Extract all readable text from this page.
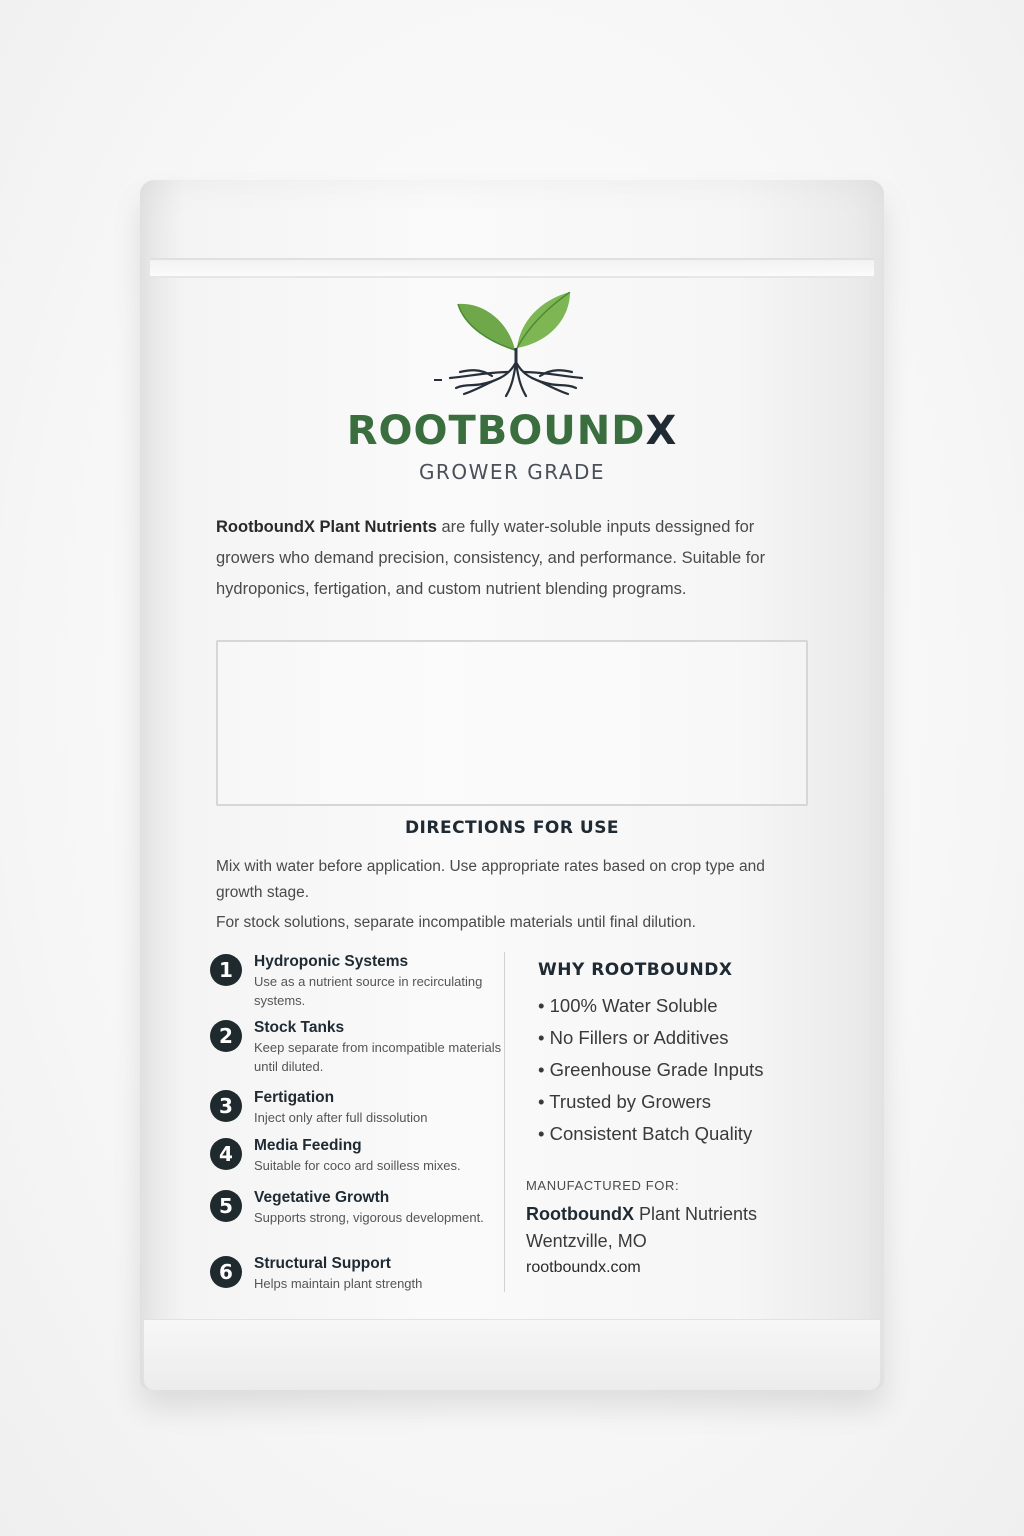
ROOTBOUNDX
GROWER GRADE
RootboundX Plant Nutrients are fully water-soluble inputs dessigned for growers who demand precision, consistency, and performance. Suitable for hydroponics, fertigation, and custom nutrient blending programs.
DIRECTIONS FOR USE

Mix with water before application. Use appropriate rates based on crop type and growth stage.

For stock solutions, separate incompatible materials until final dilution.

1	Hydroponic Systems
Use as a nutrient source in recirculating systems.
2	Stock Tanks
Keep separate from incompatible materials until diluted.
3	Fertigation
Inject only after full dissolution
4	Media Feeding
Suitable for coco ard soilless mixes.
5	Vegetative Growth
Supports strong, vigorous development.
6	Structural Support
Helps maintain plant strength
WHY ROOTBOUNDX
• 100% Water Soluble
• No Fillers or Additives
• Greenhouse Grade Inputs
• Trusted by Growers
• Consistent Batch Quality
MANUFACTURED FOR:
RootboundX Plant Nutrients
Wentzville, MO
rootboundx.com
